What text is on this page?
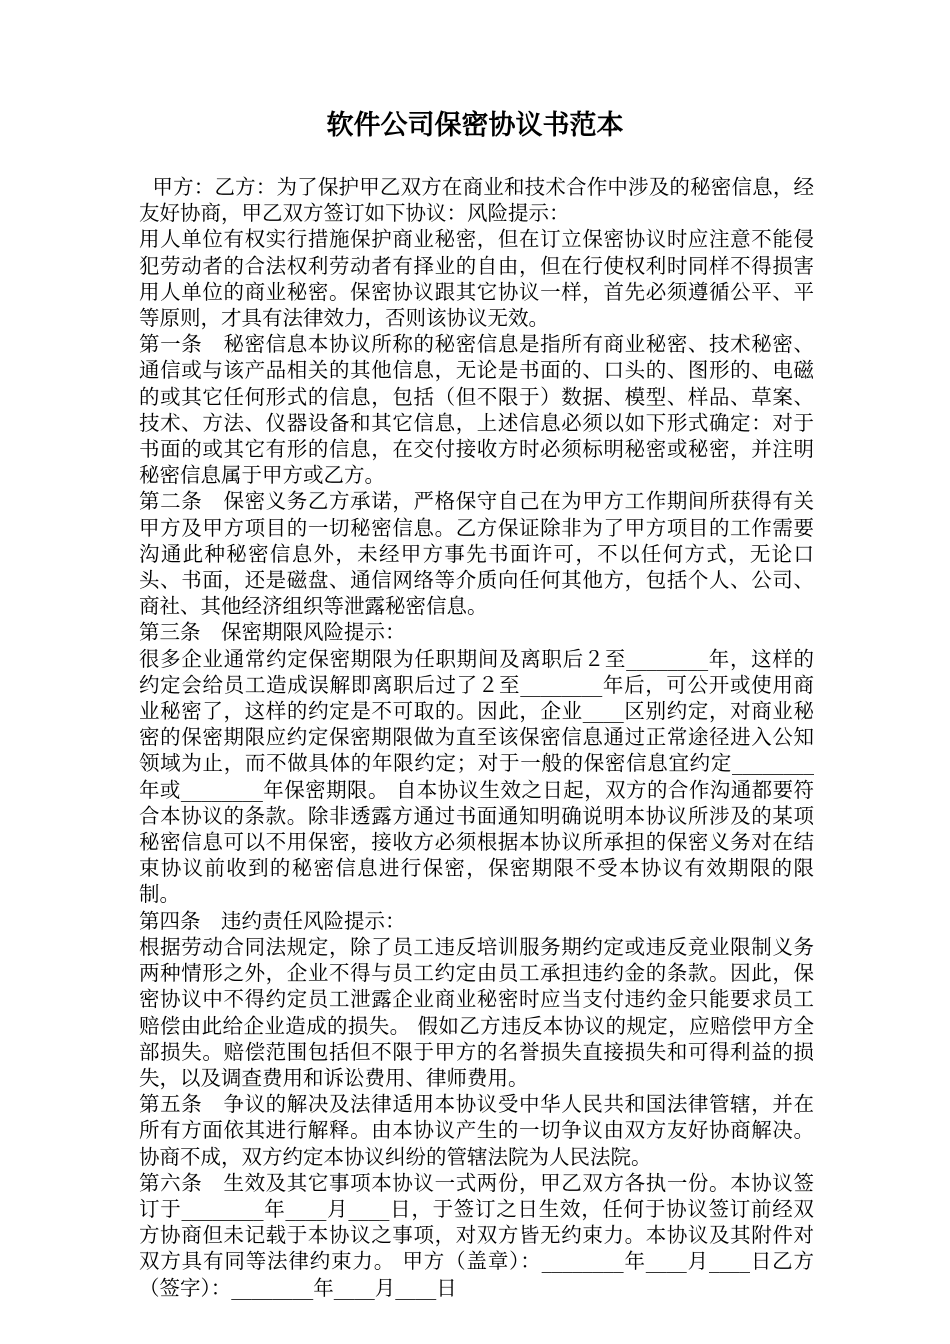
软件公司保密协议书范本

甲方：乙方：为了保护甲乙双方在商业和技术合作中涉及的秘密信息，经友好协商，甲乙双方签订如下协议：风险提示：

用人单位有权实行措施保护商业秘密，但在订立保密协议时应注意不能侵犯劳动者的合法权利劳动者有择业的自由，但在行使权利时同样不得损害用人单位的商业秘密。保密协议跟其它协议一样，首先必须遵循公平、平等原则，才具有法律效力，否则该协议无效。

第一条　秘密信息本协议所称的秘密信息是指所有商业秘密、技术秘密、通信或与该产品相关的其他信息，无论是书面的、口头的、图形的、电磁的或其它任何形式的信息，包括（但不限于）数据、模型、样品、草案、技术、方法、仪器设备和其它信息，上述信息必须以如下形式确定：对于书面的或其它有形的信息，在交付接收方时必须标明秘密或秘密，并注明秘密信息属于甲方或乙方。

第二条　保密义务乙方承诺，严格保守自己在为甲方工作期间所获得有关甲方及甲方项目的一切秘密信息。乙方保证除非为了甲方项目的工作需要沟通此种秘密信息外，未经甲方事先书面许可，不以任何方式，无论口头、书面，还是磁盘、通信网络等介质向任何其他方，包括个人、公司、商社、其他经济组织等泄露秘密信息。

第三条　保密期限风险提示：

很多企业通常约定保密期限为任职期间及离职后２至________年，这样的约定会给员工造成误解即离职后过了２至________年后，可公开或使用商业秘密了，这样的约定是不可取的。因此，企业____区别约定，对商业秘密的保密期限应约定保密期限做为直至该保密信息通过正常途径进入公知领域为止，而不做具体的年限约定；对于一般的保密信息宜约定________年或________年保密期限。 自本协议生效之日起，双方的合作沟通都要符合本协议的条款。除非透露方通过书面通知明确说明本协议所涉及的某项秘密信息可以不用保密，接收方必须根据本协议所承担的保密义务对在结束协议前收到的秘密信息进行保密，保密期限不受本协议有效期限的限制。

第四条　违约责任风险提示：

根据劳动合同法规定，除了员工违反培训服务期约定或违反竞业限制义务两种情形之外，企业不得与员工约定由员工承担违约金的条款。因此，保密协议中不得约定员工泄露企业商业秘密时应当支付违约金只能要求员工赔偿由此给企业造成的损失。 假如乙方违反本协议的规定，应赔偿甲方全部损失。赔偿范围包括但不限于甲方的名誉损失直接损失和可得利益的损失，以及调查费用和诉讼费用、律师费用。

第五条　争议的解决及法律适用本协议受中华人民共和国法律管辖，并在所有方面依其进行解释。由本协议产生的一切争议由双方友好协商解决。协商不成，双方约定本协议纠纷的管辖法院为人民法院。

第六条　生效及其它事项本协议一式两份，甲乙双方各执一份。本协议签订于________年____月____日，于签订之日生效，任何于协议签订前经双方协商但未记载于本协议之事项，对双方皆无约束力。本协议及其附件对双方具有同等法律约束力。 甲方（盖章）：________年____月____日乙方（签字）：________年____月____日
